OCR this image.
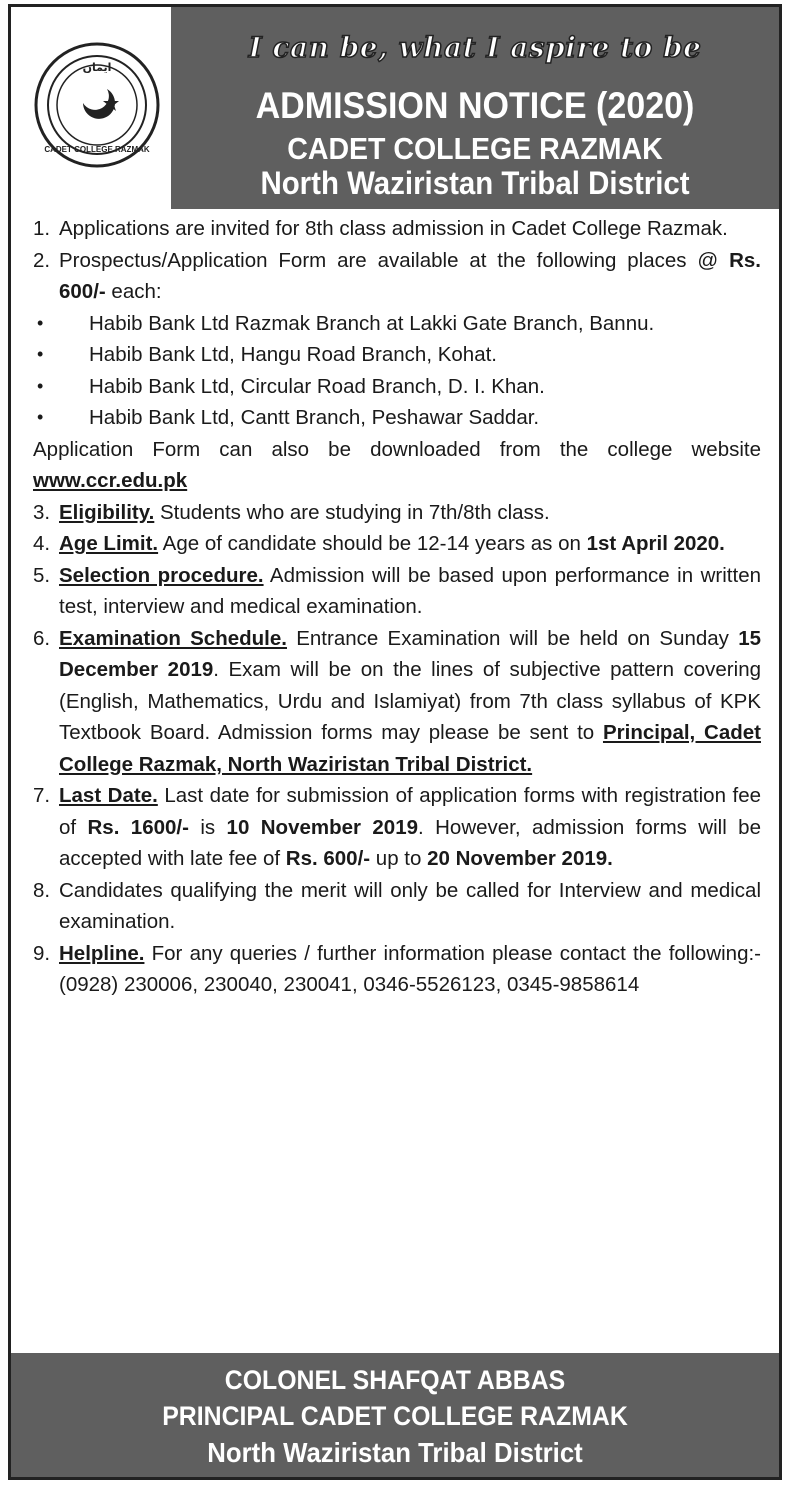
ایمان
CADET COLLEGE RAZMAK
I can be, what I aspire to be
ADMISSION NOTICE (2020)
CADET COLLEGE RAZMAK
North Waziristan Tribal District
1. Applications are invited for 8th class admission in Cadet College Razmak.
2. Prospectus/Application Form are available at the following places @ Rs. 600/- each:
• Habib Bank Ltd Razmak Branch at Lakki Gate Branch, Bannu.
• Habib Bank Ltd, Hangu Road Branch, Kohat.
• Habib Bank Ltd, Circular Road Branch, D. I. Khan.
• Habib Bank Ltd, Cantt Branch, Peshawar Saddar.
Application Form can also be downloaded from the college website www.ccr.edu.pk
3. Eligibility. Students who are studying in 7th/8th class.
4. Age Limit. Age of candidate should be 12-14 years as on 1st April 2020.
5. Selection procedure. Admission will be based upon performance in written test, interview and medical examination.
6. Examination Schedule. Entrance Examination will be held on Sunday 15 December 2019. Exam will be on the lines of subjective pattern covering (English, Mathematics, Urdu and Islamiyat) from 7th class syllabus of KPK Textbook Board. Admission forms may please be sent to Principal, Cadet College Razmak, North Waziristan Tribal District.
7. Last Date. Last date for submission of application forms with registration fee of Rs. 1600/- is 10 November 2019. However, admission forms will be accepted with late fee of Rs. 600/- up to 20 November 2019.
8. Candidates qualifying the merit will only be called for Interview and medical examination.
9. Helpline. For any queries / further information please contact the following:- (0928) 230006, 230040, 230041, 0346-5526123, 0345-9858614
COLONEL SHAFQAT ABBAS
PRINCIPAL CADET COLLEGE RAZMAK
North Waziristan Tribal District
